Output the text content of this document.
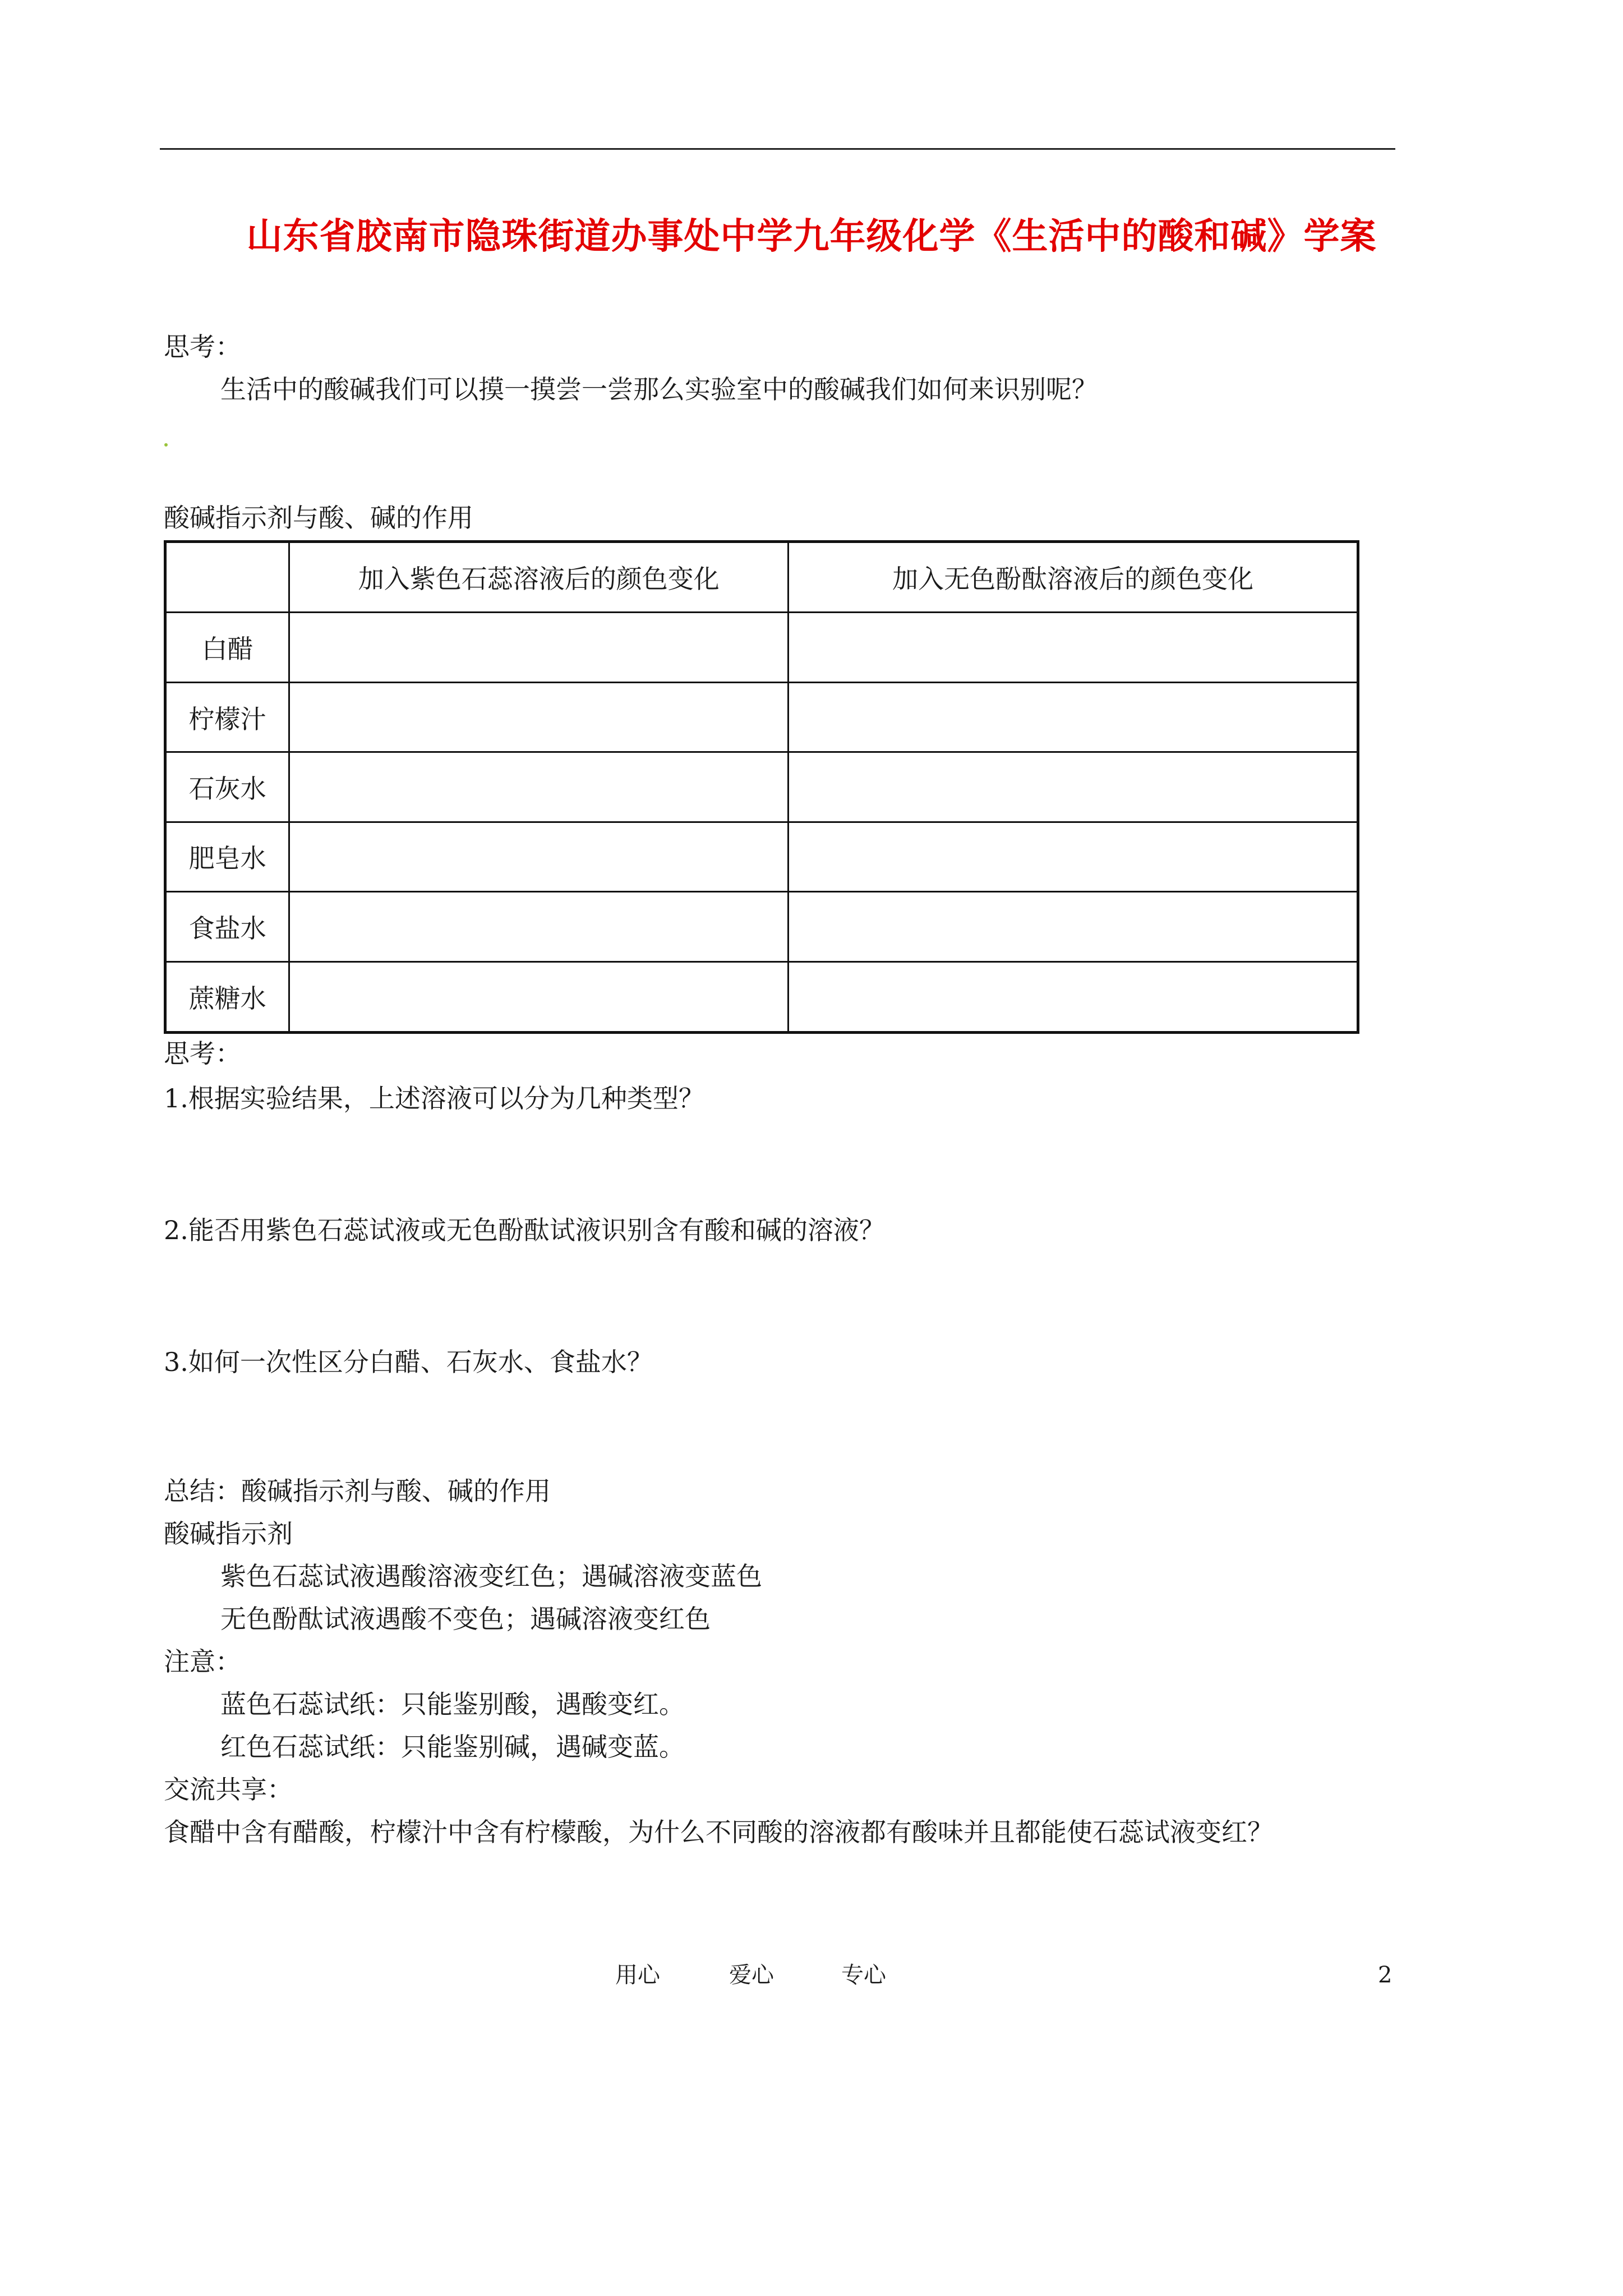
山东省胶南市隐珠街道办事处中学九年级化学《生活中的酸和碱》学案
思考：
生活中的酸碱我们可以摸一摸尝一尝那么实验室中的酸碱我们如何来识别呢？
酸碱指示剂与酸、碱的作用
	加入紫色石蕊溶液后的颜色变化	加入无色酚酞溶液后的颜色变化
白醋		
柠檬汁		
石灰水		
肥皂水		
食盐水		
蔗糖水		
思考：
1.根据实验结果，上述溶液可以分为几种类型？
2.能否用紫色石蕊试液或无色酚酞试液识别含有酸和碱的溶液？
3.如何一次性区分白醋、石灰水、食盐水？
总结：酸碱指示剂与酸、碱的作用
酸碱指示剂
紫色石蕊试液遇酸溶液变红色；遇碱溶液变蓝色
无色酚酞试液遇酸不变色；遇碱溶液变红色
注意：
蓝色石蕊试纸：只能鉴别酸，遇酸变红。
红色石蕊试纸：只能鉴别碱，遇碱变蓝。
交流共享：
食醋中含有醋酸，柠檬汁中含有柠檬酸，为什么不同酸的溶液都有酸味并且都能使石蕊试液变红？
用心	爱心	专心	2
